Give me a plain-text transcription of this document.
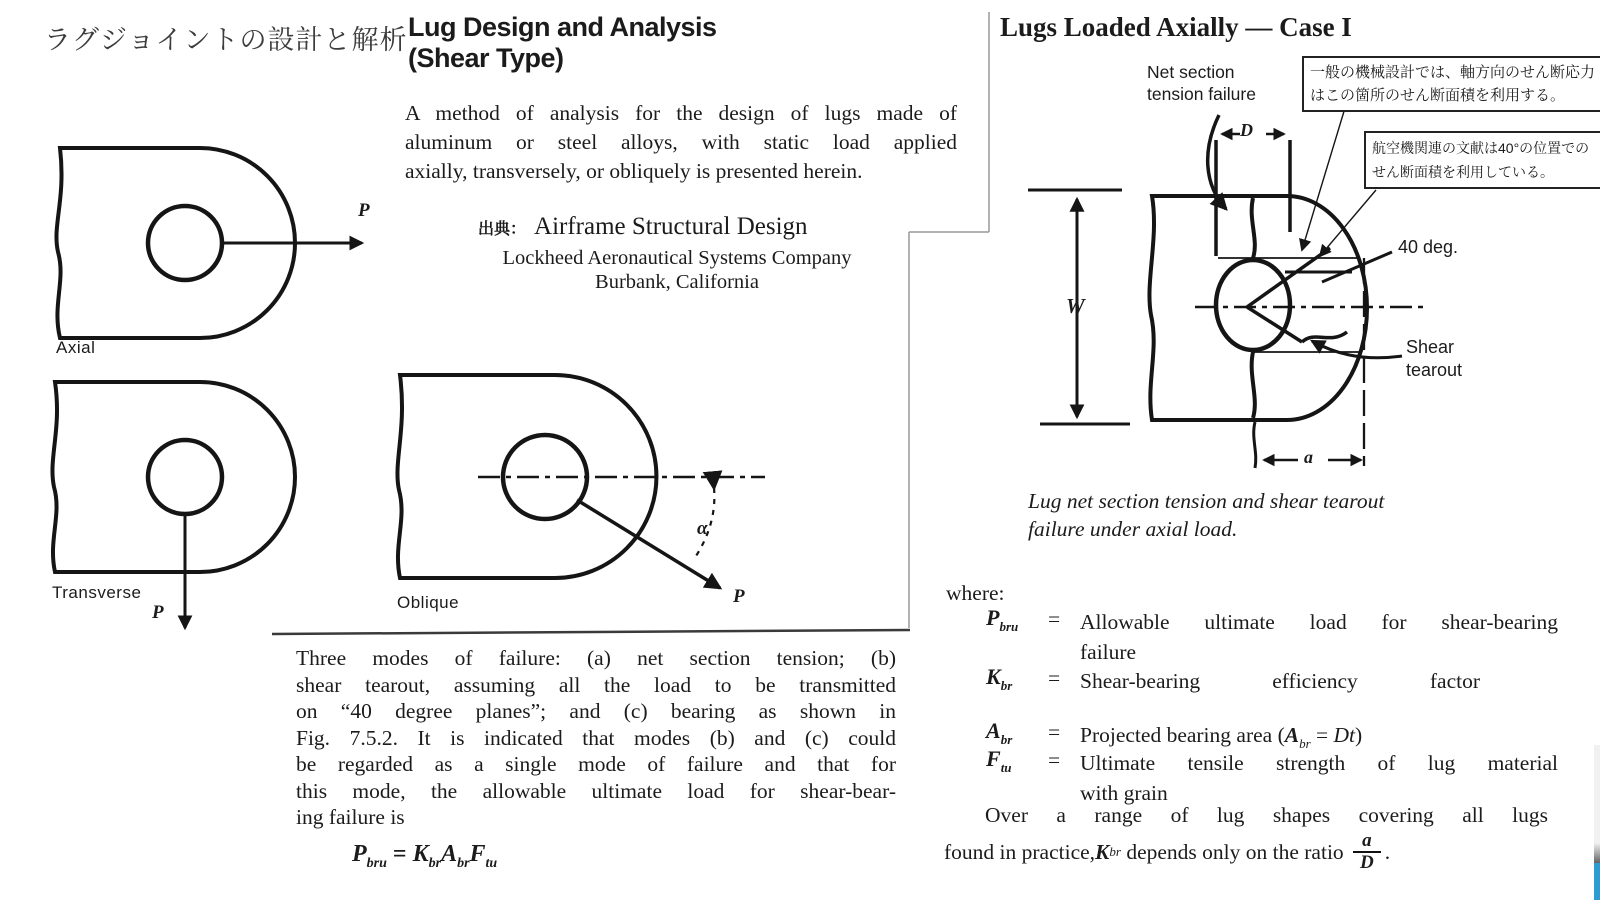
ラグジョイントの設計と解析 Lug Design and Analysis
(Shear Type)
A method of analysis for the design of lugs made of
aluminum or steel alloys, with static load applied
axially, transversely, or obliquely is presented herein.
出典： Airframe Structural Design
Lockheed Aeronautical Systems Company
Burbank, California
Axial
P
Transverse
P	Oblique	P
α
Three modes of failure: (a) net section tension; (b)
shear tearout, assuming all the load to be transmitted
on “40 degree planes”; and (c) bearing as shown in
Fig. 7.5.2. It is indicated that modes (b) and (c) could
be regarded as a single mode of failure and that for
this mode, the allowable ultimate load for shear-bear-
ing failure is
$P_{bru} = K_{br}A_{br}F_{tu}$
Lugs Loaded Axially — Case I
一般の機械設計では、軸方向のせん断応力
はこの箇所のせん断面積を利用する。
航空機関連の文献は40°の位置での
せん断面積を利用している。
Net section
tension failure
D
W
a
40 deg.
Shear
tearout
Lug net section tension and shear tearout
failure under axial load.
where:
$P_{bru}$	= Allowable ultimate load for shear-bearing
failure
$K_{br}$	= Shear-bearing efficiency factor
$A_{br}$	= Projected bearing area $(A_{br} = Dt)$
$F_{tu}$	= Ultimate tensile strength of lug material
with grain
Over a range of lug shapes covering all lugs
found in practice, K br depends only on the ratio $\frac{a}{D}$ .
